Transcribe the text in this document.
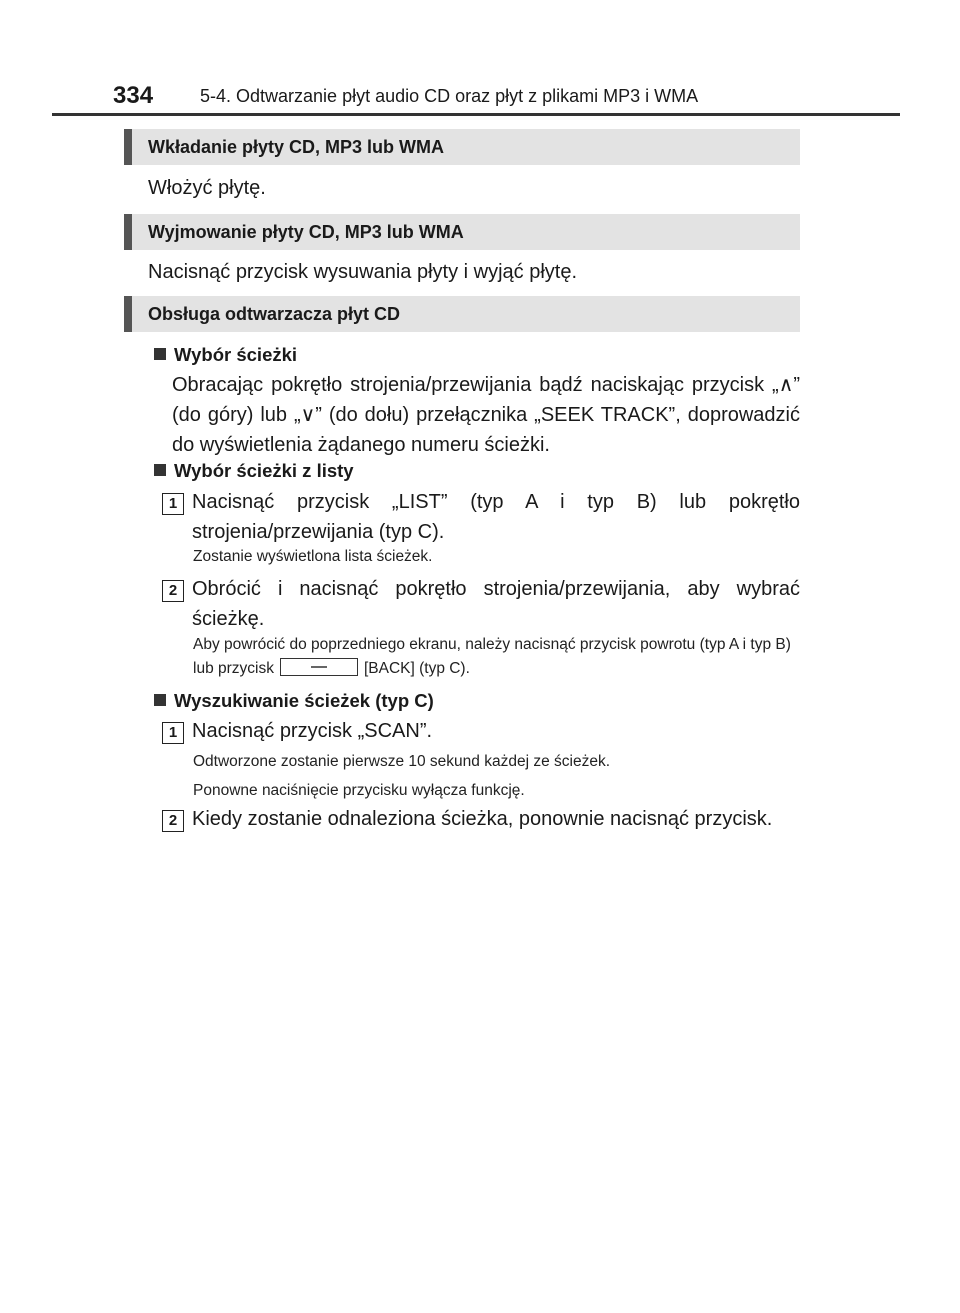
334	5-4. Odtwarzanie płyt audio CD oraz płyt z plikami MP3 i WMA
Wkładanie płyty CD, MP3 lub WMA
Włożyć płytę.
Wyjmowanie płyty CD, MP3 lub WMA
Nacisnąć przycisk wysuwania płyty i wyjąć płytę.
Obsługa odtwarzacza płyt CD
Wybór ścieżki
Obracając pokrętło strojenia/przewijania bądź naciskając przycisk „∧” (do góry) lub „∨” (do dołu) przełącznika „SEEK TRACK”, doprowadzić do wyświetlenia żądanego numeru ścieżki.
Wybór ścieżki z listy
1 Nacisnąć przycisk „LIST” (typ A i typ B) lub pokrętło strojenia/przewijania (typ C).
Zostanie wyświetlona lista ścieżek.
2 Obrócić i nacisnąć pokrętło strojenia/przewijania, aby wybrać ścieżkę.
Aby powrócić do poprzedniego ekranu, należy nacisnąć przycisk powrotu (typ A i typ B) lub przycisk	[BACK] (typ C).
Wyszukiwanie ścieżek (typ C)
1 Nacisnąć przycisk „SCAN”.
Odtworzone zostanie pierwsze 10 sekund każdej ze ścieżek.
Ponowne naciśnięcie przycisku wyłącza funkcję.
2 Kiedy zostanie odnaleziona ścieżka, ponownie nacisnąć przycisk.
